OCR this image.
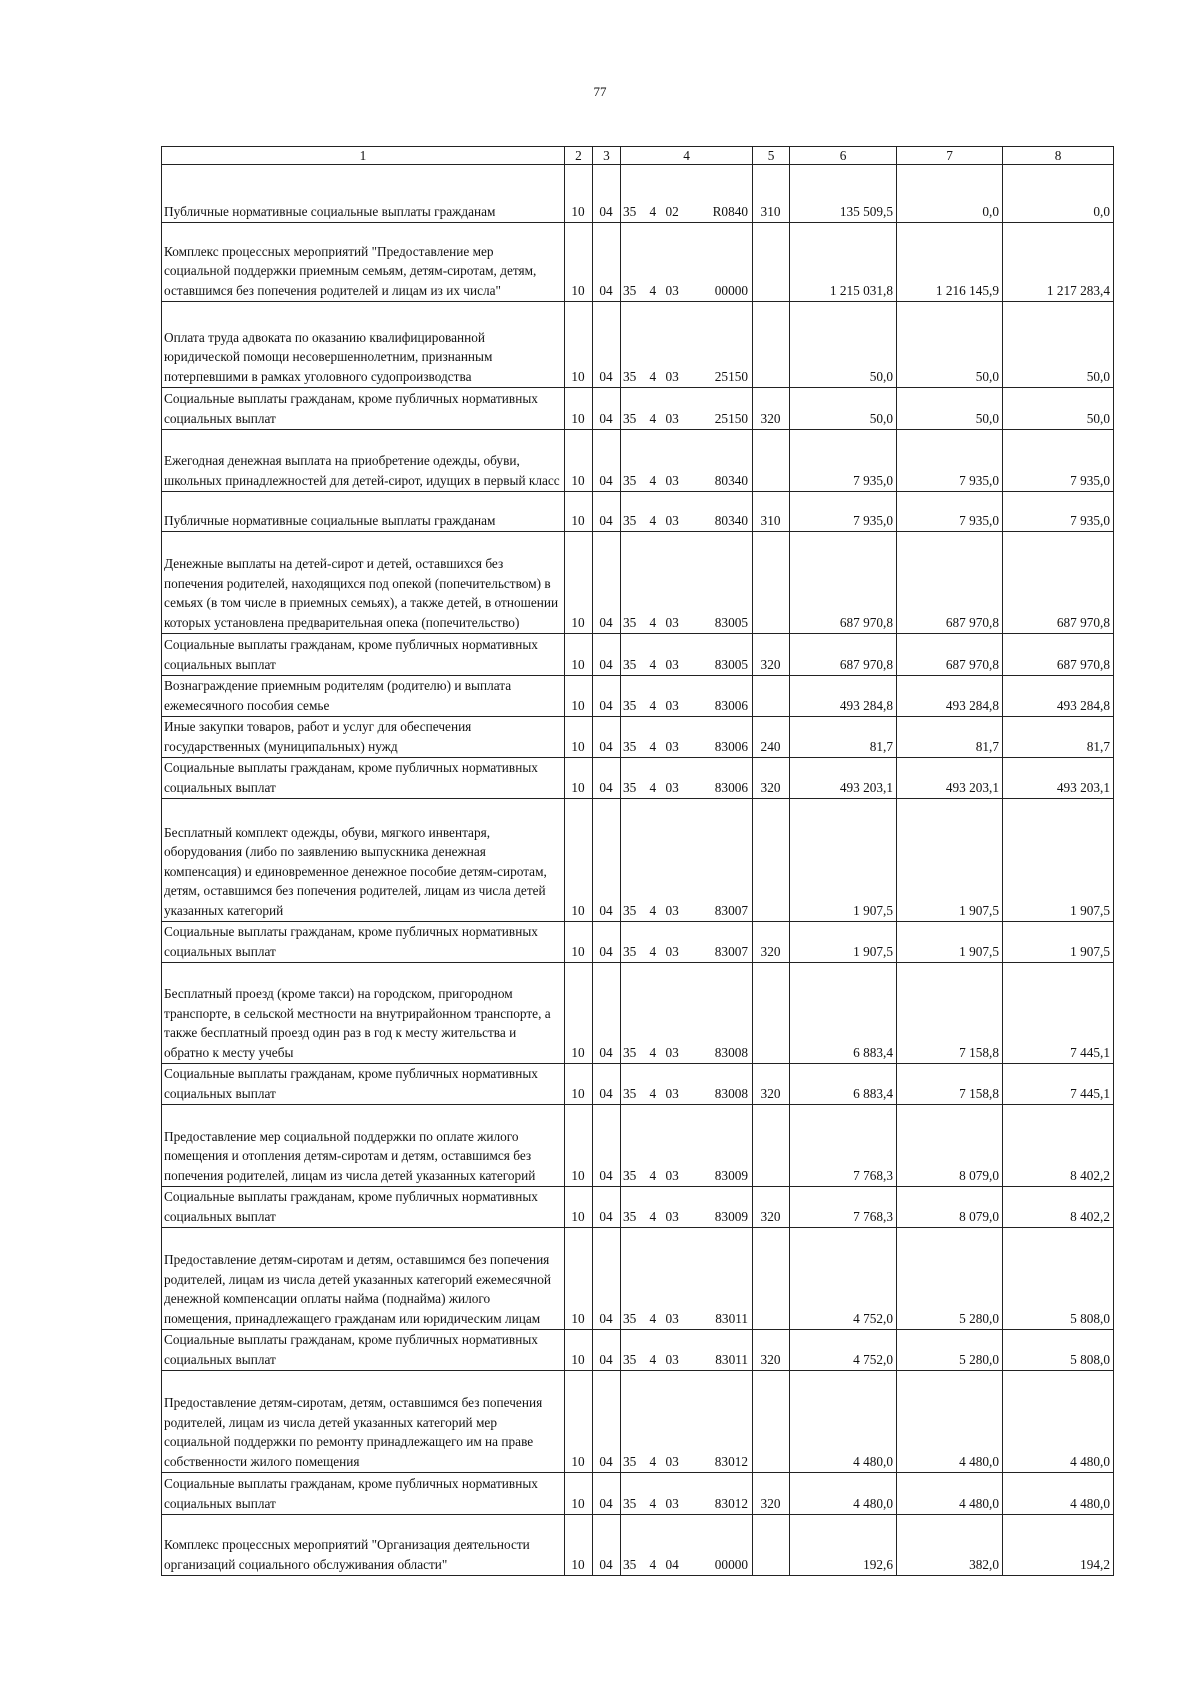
77
1	2	3	4				5	6	7	8
Публичные нормативные социальные выплаты гражданам	10	04	35	4	02	R0840	310	135 509,5	0,0	0,0
Комплекс процессных мероприятий "Предоставление мер социальной поддержки приемным семьям, детям-сиротам, детям, оставшимся без попечения родителей и лицам из их числа"	10	04	35	4	03	00000		1 215 031,8	1 216 145,9	1 217 283,4
Оплата труда адвоката по оказанию квалифицированной юридической помощи несовершеннолетним, признанным потерпевшими в рамках уголовного судопроизводства	10	04	35	4	03	25150		50,0	50,0	50,0
Социальные выплаты гражданам, кроме публичных нормативных социальных выплат	10	04	35	4	03	25150	320	50,0	50,0	50,0
Ежегодная денежная выплата на приобретение одежды, обуви, школьных принадлежностей для детей-сирот, идущих в первый класс	10	04	35	4	03	80340		7 935,0	7 935,0	7 935,0
Публичные нормативные социальные выплаты гражданам	10	04	35	4	03	80340	310	7 935,0	7 935,0	7 935,0
Денежные выплаты на детей-сирот и детей, оставшихся без попечения родителей, находящихся под опекой (попечительством) в семьях (в том числе в приемных семьях), а также детей, в отношении которых установлена предварительная опека (попечительство)	10	04	35	4	03	83005		687 970,8	687 970,8	687 970,8
Социальные выплаты гражданам, кроме публичных нормативных социальных выплат	10	04	35	4	03	83005	320	687 970,8	687 970,8	687 970,8
Вознаграждение приемным родителям (родителю) и выплата ежемесячного пособия семье	10	04	35	4	03	83006		493 284,8	493 284,8	493 284,8
Иные закупки товаров, работ и услуг для обеспечения государственных (муниципальных) нужд	10	04	35	4	03	83006	240	81,7	81,7	81,7
Социальные выплаты гражданам, кроме публичных нормативных социальных выплат	10	04	35	4	03	83006	320	493 203,1	493 203,1	493 203,1
Бесплатный комплект одежды, обуви, мягкого инвентаря, оборудования (либо по заявлению выпускника денежная компенсация) и единовременное денежное пособие детям-сиротам, детям, оставшимся без попечения родителей, лицам из числа детей указанных категорий	10	04	35	4	03	83007		1 907,5	1 907,5	1 907,5
Социальные выплаты гражданам, кроме публичных нормативных социальных выплат	10	04	35	4	03	83007	320	1 907,5	1 907,5	1 907,5
Бесплатный проезд (кроме такси) на городском, пригородном транспорте, в сельской местности на внутрирайонном транспорте, а также бесплатный проезд один раз в год к месту жительства и обратно к месту учебы	10	04	35	4	03	83008		6 883,4	7 158,8	7 445,1
Социальные выплаты гражданам, кроме публичных нормативных социальных выплат	10	04	35	4	03	83008	320	6 883,4	7 158,8	7 445,1
Предоставление мер социальной поддержки по оплате жилого помещения и отопления детям-сиротам и детям, оставшимся без попечения родителей, лицам из числа детей указанных категорий	10	04	35	4	03	83009		7 768,3	8 079,0	8 402,2
Социальные выплаты гражданам, кроме публичных нормативных социальных выплат	10	04	35	4	03	83009	320	7 768,3	8 079,0	8 402,2
Предоставление детям-сиротам и детям, оставшимся без попечения родителей, лицам из числа детей указанных категорий ежемесячной денежной компенсации оплаты найма (поднайма) жилого помещения, принадлежащего гражданам или юридическим лицам	10	04	35	4	03	83011		4 752,0	5 280,0	5 808,0
Социальные выплаты гражданам, кроме публичных нормативных социальных выплат	10	04	35	4	03	83011	320	4 752,0	5 280,0	5 808,0
Предоставление детям-сиротам, детям, оставшимся без попечения родителей, лицам из числа детей указанных категорий мер социальной поддержки по ремонту принадлежащего им на праве собственности жилого помещения	10	04	35	4	03	83012		4 480,0	4 480,0	4 480,0
Социальные выплаты гражданам, кроме публичных нормативных социальных выплат	10	04	35	4	03	83012	320	4 480,0	4 480,0	4 480,0
Комплекс процессных мероприятий "Организация деятельности организаций социального обслуживания области"	10	04	35	4	04	00000		192,6	382,0	194,2
